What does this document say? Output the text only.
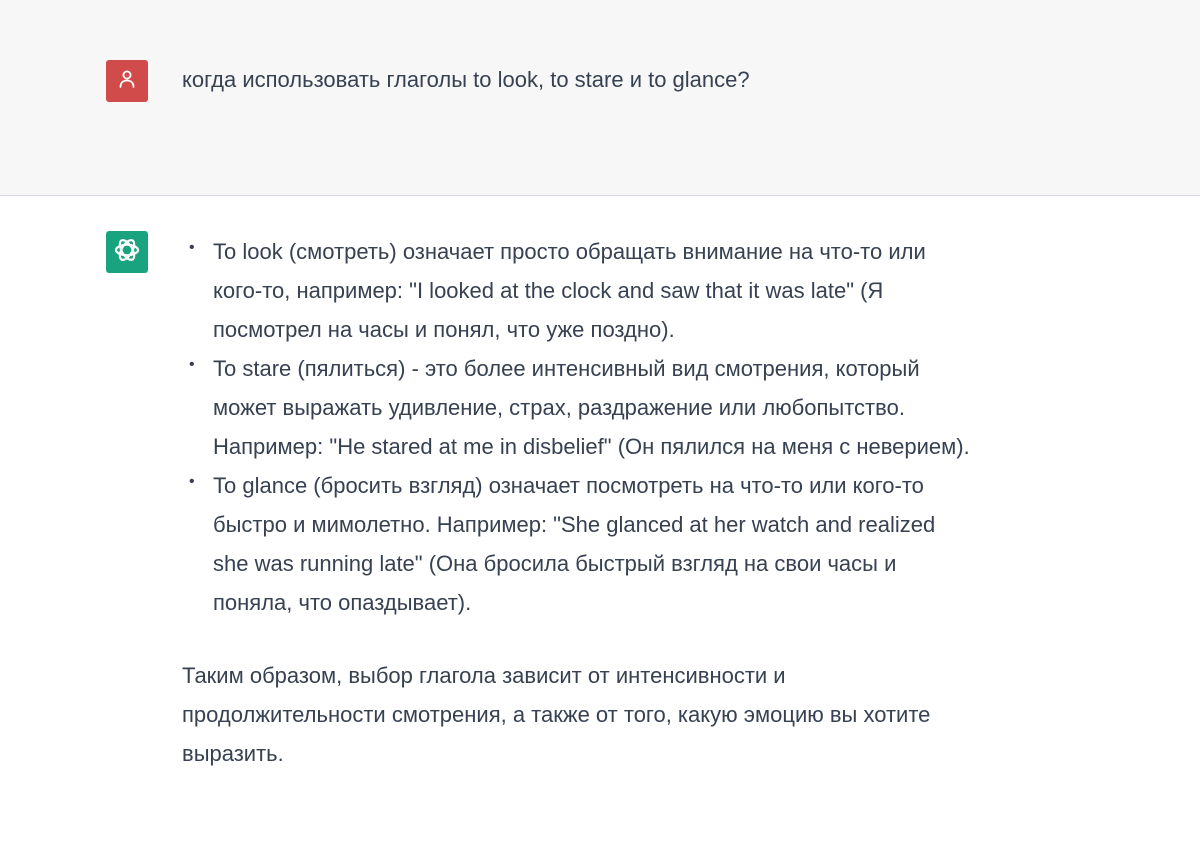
когда использовать глаголы to look, to stare и to glance?
• To look (смотреть) означает просто обращать внимание на что-то или кого-то, например: "I looked at the clock and saw that it was late" (Я посмотрел на часы и понял, что уже поздно).
• To stare (пялиться) - это более интенсивный вид смотрения, который может выражать удивление, страх, раздражение или любопытство. Например: "He stared at me in disbelief" (Он пялился на меня с неверием).
• To glance (бросить взгляд) означает посмотреть на что-то или кого-то быстро и мимолетно. Например: "She glanced at her watch and realized she was running late" (Она бросила быстрый взгляд на свои часы и поняла, что опаздывает).

Таким образом, выбор глагола зависит от интенсивности и продолжительности смотрения, а также от того, какую эмоцию вы хотите выразить.
